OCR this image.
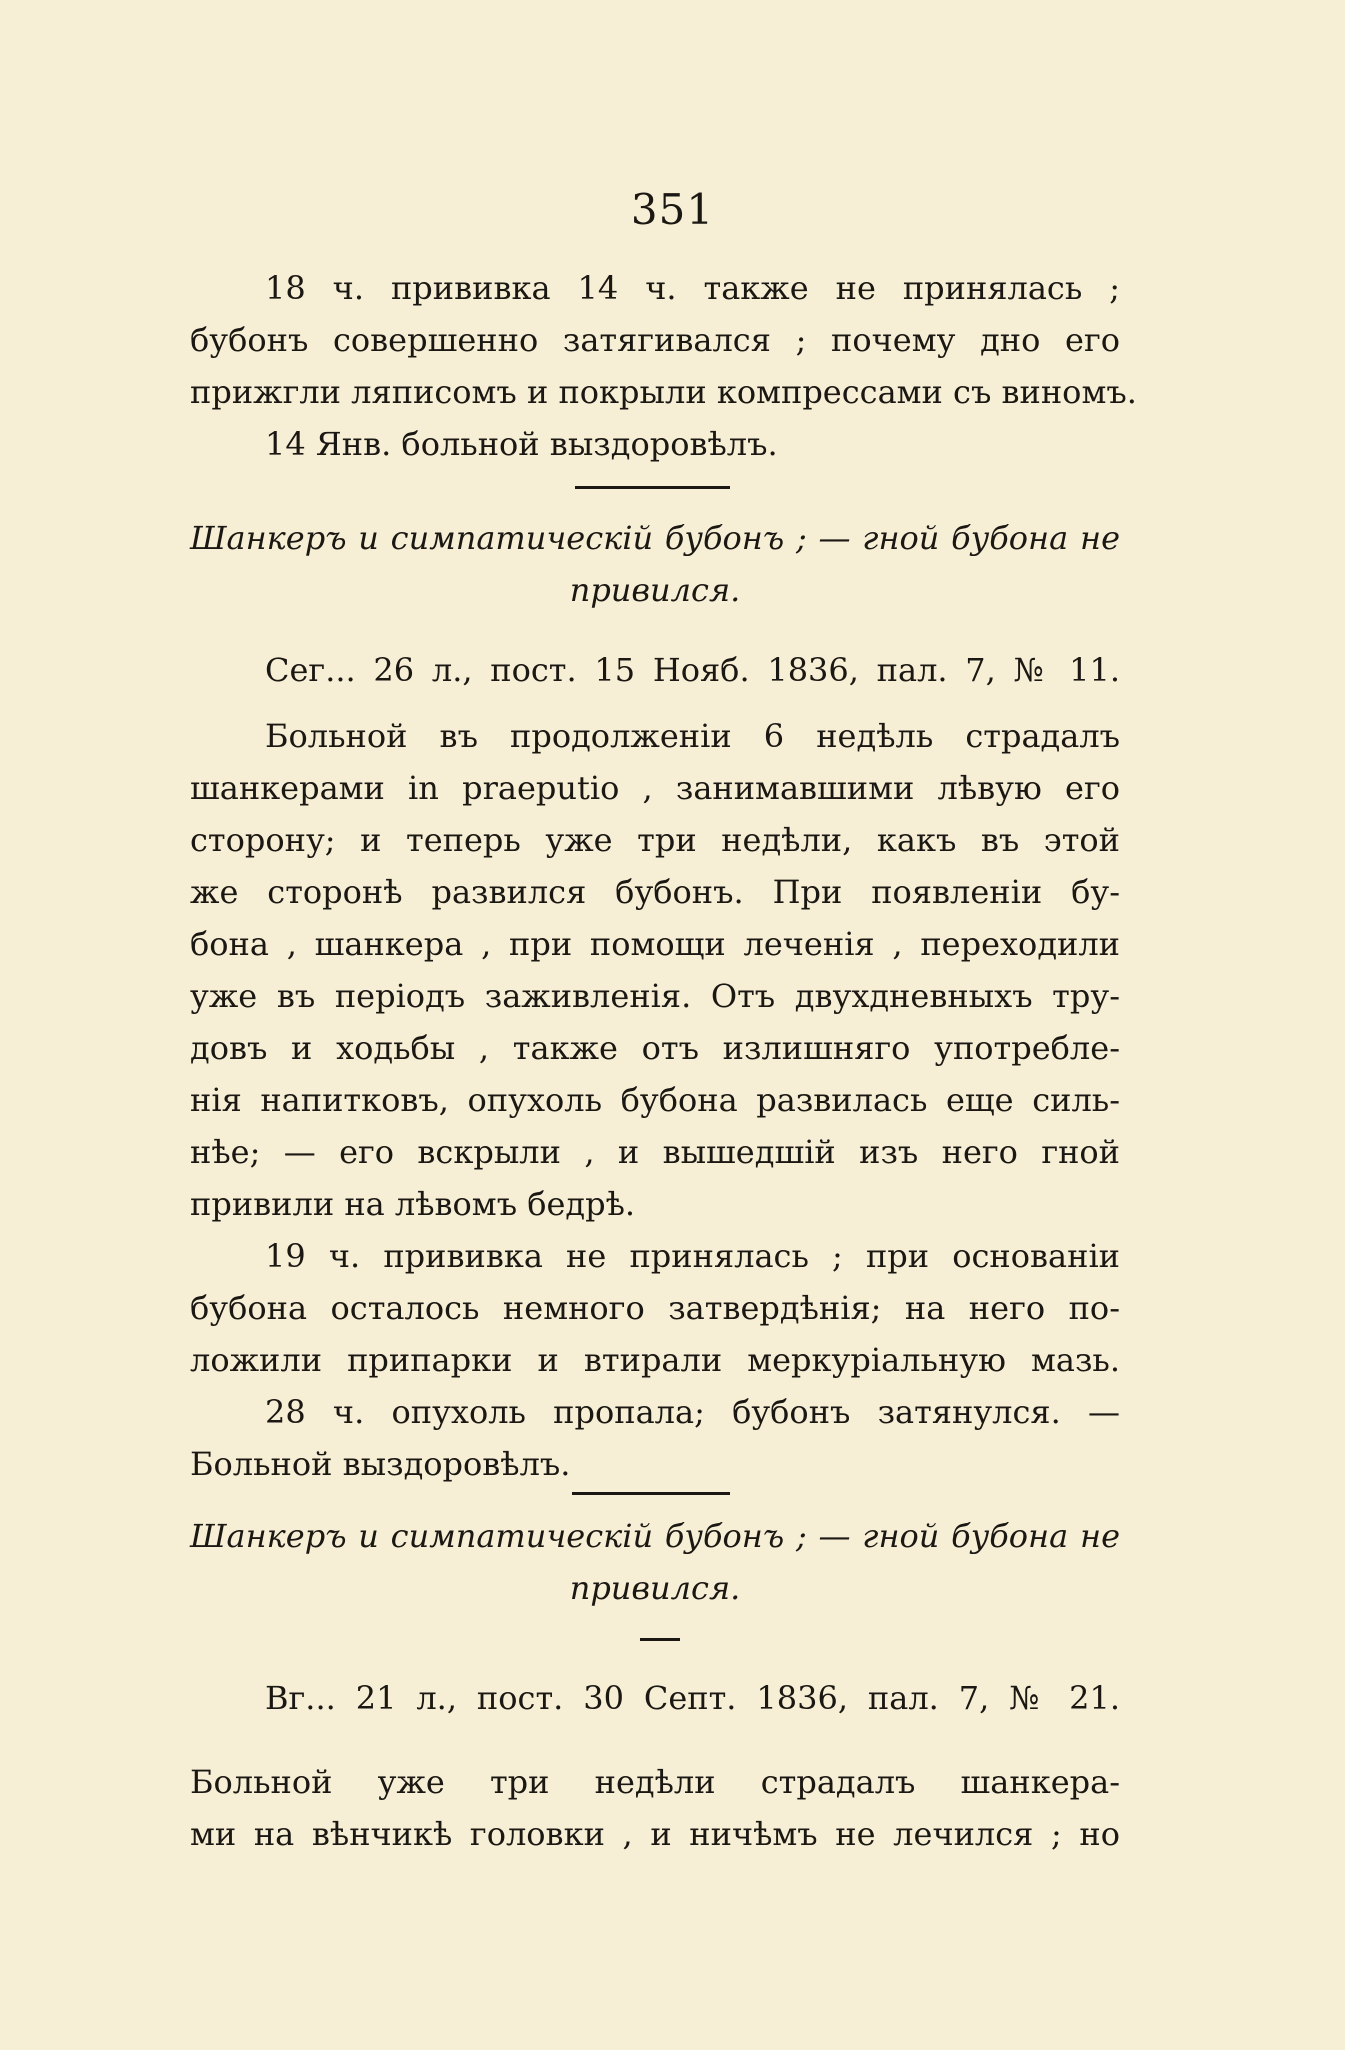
351
18 ч. прививка 14 ч. также не принялась ;
бубонъ совершенно затягивался ; почему дно его
прижгли ляписомъ и покрыли компрессами съ виномъ.
14 Янв. больной выздоровѣлъ.
Шанкеръ и симпатическій бубонъ ; — гной бубона не
привился.
Сег... 26 л., пост. 15 Нояб. 1836, пал. 7, № 11.
Больной въ продолженіи 6 недѣль страдалъ
шанкерами in praeputio , занимавшими лѣвую его
сторону; и теперь уже три недѣли, какъ въ этой
же сторонѣ развился бубонъ. При появленіи бу-
бона , шанкера , при помощи леченія , переходили
уже въ періодъ заживленія. Отъ двухдневныхъ тру-
довъ и ходьбы , также отъ излишняго употребле-
нія напитковъ, опухоль бубона развилась еще силь-
нѣе; — его вскрыли , и вышедшій изъ него гной
привили на лѣвомъ бедрѣ.
19 ч. прививка не принялась ; при основаніи
бубона осталось немного затвердѣнія; на него по-
ложили припарки и втирали меркуріальную мазь.
28 ч. опухоль пропала; бубонъ затянулся. —
Больной выздоровѣлъ.
Шанкеръ и симпатическій бубонъ ; — гной бубона не
привился.
Вг... 21 л., пост. 30 Септ. 1836, пал. 7, № 21.
Больной уже три недѣли страдалъ шанкера-
ми на вѣнчикѣ головки , и ничѣмъ не лечился ; но
